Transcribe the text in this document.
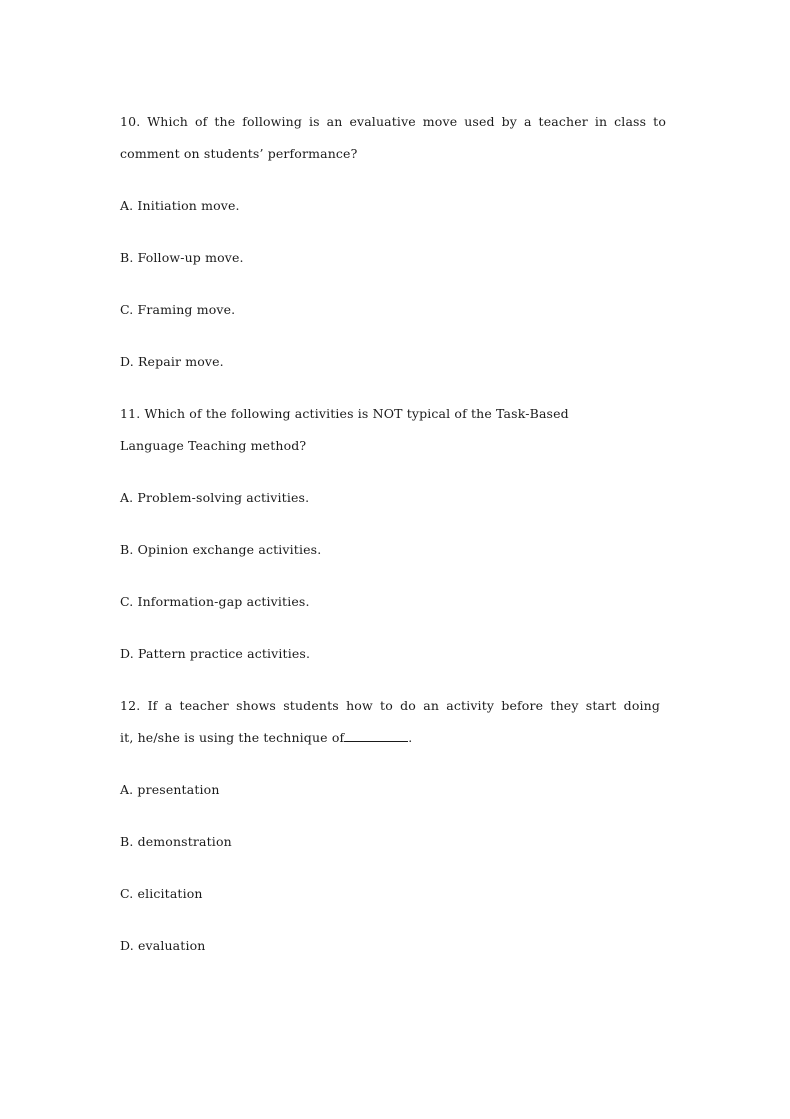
10. Which of the following is an evaluative move used by a teacher in class to
comment on students’ performance?
A. Initiation move.
B. Follow-up move.
C. Framing move.
D. Repair move.
11. Which of the following activities is NOT typical of the Task-Based
Language Teaching method?
A. Problem-solving activities.
B. Opinion exchange activities.
C. Information-gap activities.
D. Pattern practice activities.
12. If a teacher shows students how to do an activity before they start doing
it, he/she is using the technique of	.
A. presentation
B. demonstration
C. elicitation
D. evaluation
